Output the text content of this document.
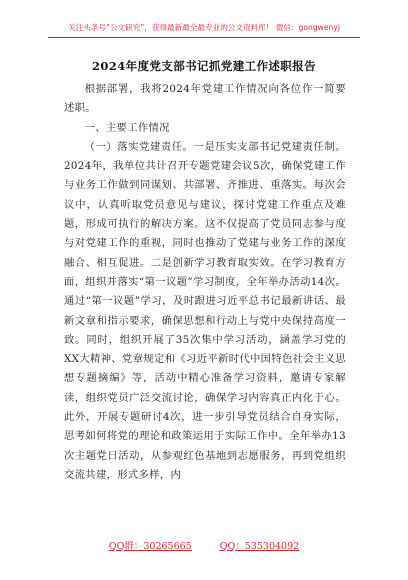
关注头条号“公文研究”，获得最新最全最专业的公文资料库！ 微信：gongwenyj
2024年度党支部书记抓党建工作述职报告

根据部署，我将2024年党建工作情况向各位作一简要述职。

一、主要工作情况

（一）落实党建责任。一是压实支部书记党建责任制。2024年，我单位共计召开专题党建会议5次，确保党建工作与业务工作做到同谋划、共部署、齐推进、重落实。每次会议中，认真听取党员意见与建议，探讨党建工作重点及难题，形成可执行的解决方案。这不仅提高了党员同志参与度与对党建工作的重视，同时也推动了党建与业务工作的深度融合、相互促进。二是创新学习教育取实效。在学习教育方面，组织并落实“第一议题”学习制度，全年举办活动14次。通过“第一议题”学习，及时跟进习近平总书记最新讲话、最新文章和指示要求，确保思想和行动上与党中央保持高度一致。同时，组织开展了35次集中学习活动，涵盖学习党的XX大精神、党章规定和《习近平新时代中国特色社会主义思想专题摘编》等，活动中精心准备学习资料，邀请专家解读，组织党员广泛交流讨论，确保学习内容真正内化于心。此外，开展专题研讨4次，进一步引导党员结合自身实际，思考如何将党的理论和政策运用于实际工作中。全年举办13次主题党日活动，从参观红色基地到志愿服务，再到党组织交流共建，形式多样，内

QQ群：30265665	QQ：535304092
